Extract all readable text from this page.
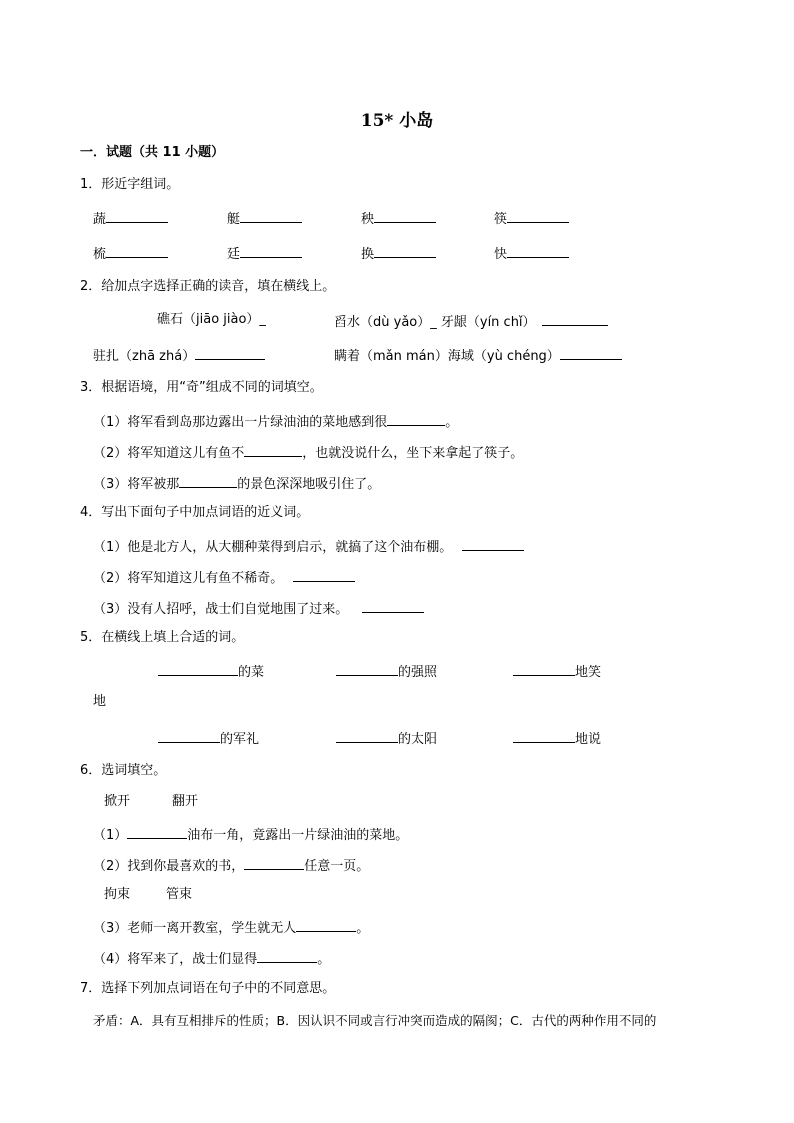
15* 小岛
一．试题（共 11 小题）
1．形近字组词。
蔬	艇	秧	筷
梳	廷	换	快
2．给加点字选择正确的读音，填在横线上。
礁石（jiāo jiào）_	舀水（dù yǎo）_ 牙龈（yín chǐ）
驻扎（zhā zhá）	瞒着（mǎn mán）海域（yù chéng）
3．根据语境，用“奇”组成不同的词填空。
（1）将军看到岛那边露出一片绿油油的菜地感到很	。
（2）将军知道这儿有鱼不	，也就没说什么，坐下来拿起了筷子。
（3）将军被那	的景色深深地吸引住了。
4．写出下面句子中加点词语的近义词。
（1）他是北方人，从大棚种菜得到启示，就搞了这个油布棚。
（2）将军知道这儿有鱼不稀奇。
（3）没有人招呼，战士们自觉地围了过来。
5．在横线上填上合适的词。
的菜	的强照	地笑
地
的军礼	的太阳	地说
6．选词填空。
掀开	翻开
（1）	油布一角，竟露出一片绿油油的菜地。
（2）找到你最喜欢的书，	任意一页。
拘束	管束
（3）老师一离开教室，学生就无人	。
（4）将军来了，战士们显得	。
7．选择下列加点词语在句子中的不同意思。
矛盾：A．具有互相排斥的性质；B．因认识不同或言行冲突而造成的隔阂；C．古代的两种作用不同的
